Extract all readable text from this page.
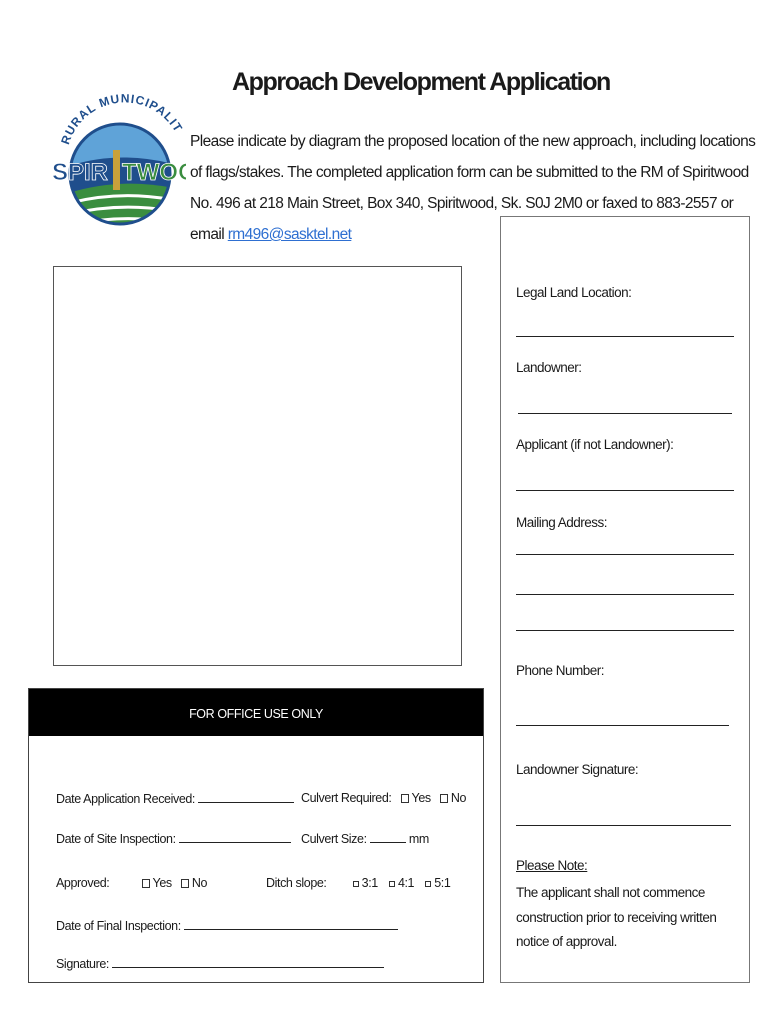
RURAL MUNICIPALIT
SPIR TWO
Approach Development Application
Please indicate by diagram the proposed location of the new approach, including locations
of flags/stakes. The completed application form can be submitted to the RM of Spiritwood
No. 496 at 218 Main Street, Box 340, Spiritwood, Sk. S0J 2M0 or faxed to 883-2557 or
email rm496@sasktel.net
Legal Land Location:
Landowner:
Applicant (if not Landowner):
Mailing Address:
Phone Number:
Landowner Signature:
Please Note:
The applicant shall not commence construction prior to receiving written notice of approval.
FOR OFFICE USE ONLY
Date Application Received:	Culvert Required: Yes No
Date of Site Inspection:	Culvert Size:	mm
Approved:	Yes No	Ditch slope:	3:1 4:1 5:1
Date of Final Inspection:
Signature:
